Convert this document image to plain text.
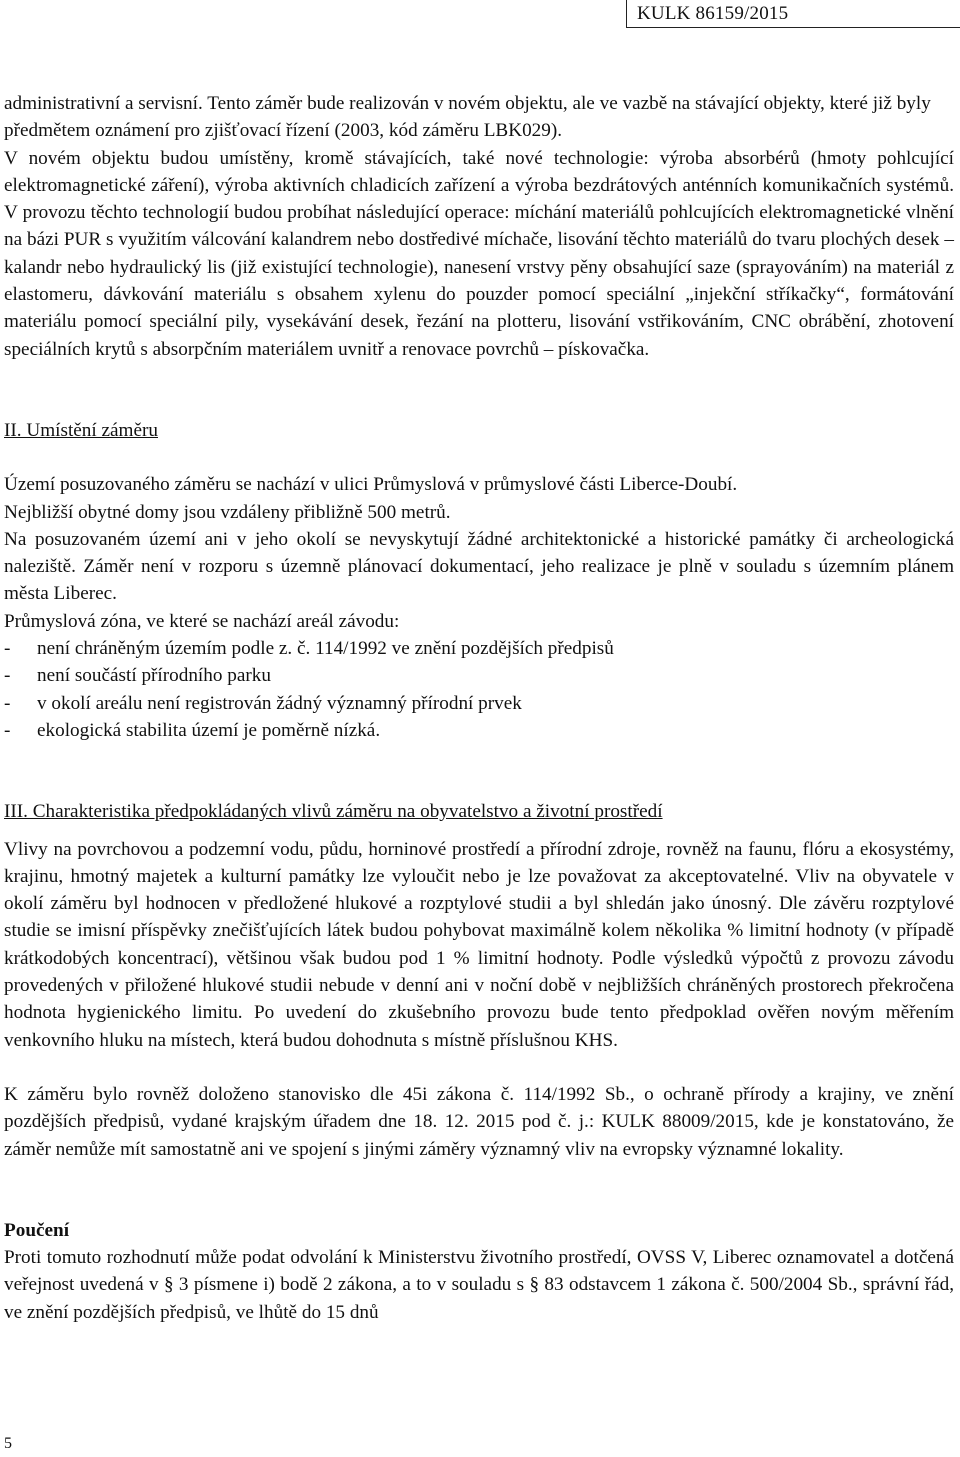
KULK 86159/2015

administrativní a servisní. Tento záměr bude realizován v novém objektu, ale ve vazbě na stávající objekty, které již byly předmětem oznámení pro zjišťovací řízení (2003, kód záměru LBK029).

V novém objektu budou umístěny, kromě stávajících, také nové technologie: výroba absorbérů (hmoty pohlcující elektromagnetické záření), výroba aktivních chladicích zařízení a výroba bezdrátových anténních komunikačních systémů. V provozu těchto technologií budou probíhat následující operace: míchání materiálů pohlcujících elektromagnetické vlnění na bázi PUR s využitím válcování kalandrem nebo dostředivé míchače, lisování těchto materiálů do tvaru plochých desek – kalandr nebo hydraulický lis (již existující technologie), nanesení vrstvy pěny obsahující saze (sprayováním) na materiál z elastomeru, dávkování materiálu s obsahem xylenu do pouzder pomocí speciální „injekční stříkačky“, formátování materiálu pomocí speciální pily, vysekávání desek, řezání na plotteru, lisování vstřikováním, CNC obrábění, zhotovení speciálních krytů s absorpčním materiálem uvnitř a renovace povrchů – pískovačka.

II. Umístění záměru

Území posuzovaného záměru se nachází v ulici Průmyslová v průmyslové části Liberce-Doubí.

Nejbližší obytné domy jsou vzdáleny přibližně 500 metrů.

Na posuzovaném území ani v jeho okolí se nevyskytují žádné architektonické a historické památky či archeologická naleziště. Záměr není v rozporu s územně plánovací dokumentací, jeho realizace je plně v souladu s územním plánem města Liberec.

Průmyslová zóna, ve které se nachází areál závodu:

-	není chráněným územím podle z. č. 114/1992 ve znění pozdějších předpisů
-	není součástí přírodního parku
-	v okolí areálu není registrován žádný významný přírodní prvek
-	ekologická stabilita území je poměrně nízká.

III. Charakteristika předpokládaných vlivů záměru na obyvatelstvo a životní prostředí

Vlivy na povrchovou a podzemní vodu, půdu, horninové prostředí a přírodní zdroje, rovněž na faunu, flóru a ekosystémy, krajinu, hmotný majetek a kulturní památky lze vyloučit nebo je lze považovat za akceptovatelné. Vliv na obyvatele v okolí záměru byl hodnocen v předložené hlukové a rozptylové studii a byl shledán jako únosný. Dle závěru rozptylové studie se imisní příspěvky znečišťujících látek budou pohybovat maximálně kolem několika % limitní hodnoty (v případě krátkodobých koncentrací), většinou však budou pod 1 % limitní hodnoty. Podle výsledků výpočtů z provozu závodu provedených v přiložené hlukové studii nebude v denní ani v noční době v nejbližších chráněných prostorech překročena hodnota hygienického limitu. Po uvedení do zkušebního provozu bude tento předpoklad ověřen novým měřením venkovního hluku na místech, která budou dohodnuta s místně příslušnou KHS.

K záměru bylo rovněž doloženo stanovisko dle 45i zákona č. 114/1992 Sb., o ochraně přírody a krajiny, ve znění pozdějších předpisů, vydané krajským úřadem dne 18. 12. 2015 pod č. j.: KULK 88009/2015, kde je konstatováno, že záměr nemůže mít samostatně ani ve spojení s jinými záměry významný vliv na evropsky významné lokality.

Poučení

Proti tomuto rozhodnutí může podat odvolání k Ministerstvu životního prostředí, OVSS V, Liberec oznamovatel a dotčená veřejnost uvedená v § 3 písmene i) bodě 2 zákona, a to v souladu s § 83 odstavcem 1 zákona č. 500/2004 Sb., správní řád, ve znění pozdějších předpisů, ve lhůtě do 15 dnů

5
